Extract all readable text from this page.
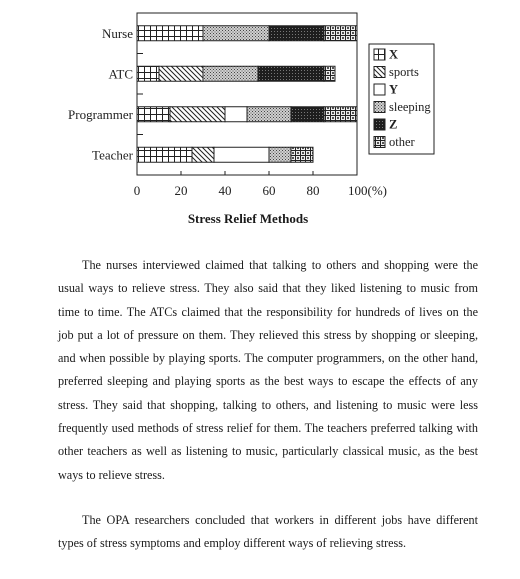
0	20 40 60 80 100(%)
Nurse
ATC
Programmer
Teacher
X
sports
Y
sleeping
Z
other
Stress Relief Methods

The nurses interviewed claimed that talking to others and shopping were the usual ways to relieve stress. They also said that they liked listening to music from time to time. The ATCs claimed that the responsibility for hundreds of lives on the job put a lot of pressure on them. They relieved this stress by shopping or sleeping, and when possible by playing sports. The computer programmers, on the other hand, preferred sleeping and playing sports as the best ways to escape the effects of any stress. They said that shopping, talking to others, and listening to music were less frequently used methods of stress relief for them. The teachers preferred talking with other teachers as well as listening to music, particularly classical music, as the best ways to relieve stress.

The OPA researchers concluded that workers in different jobs have different types of stress symptoms and employ different ways of relieving stress.
